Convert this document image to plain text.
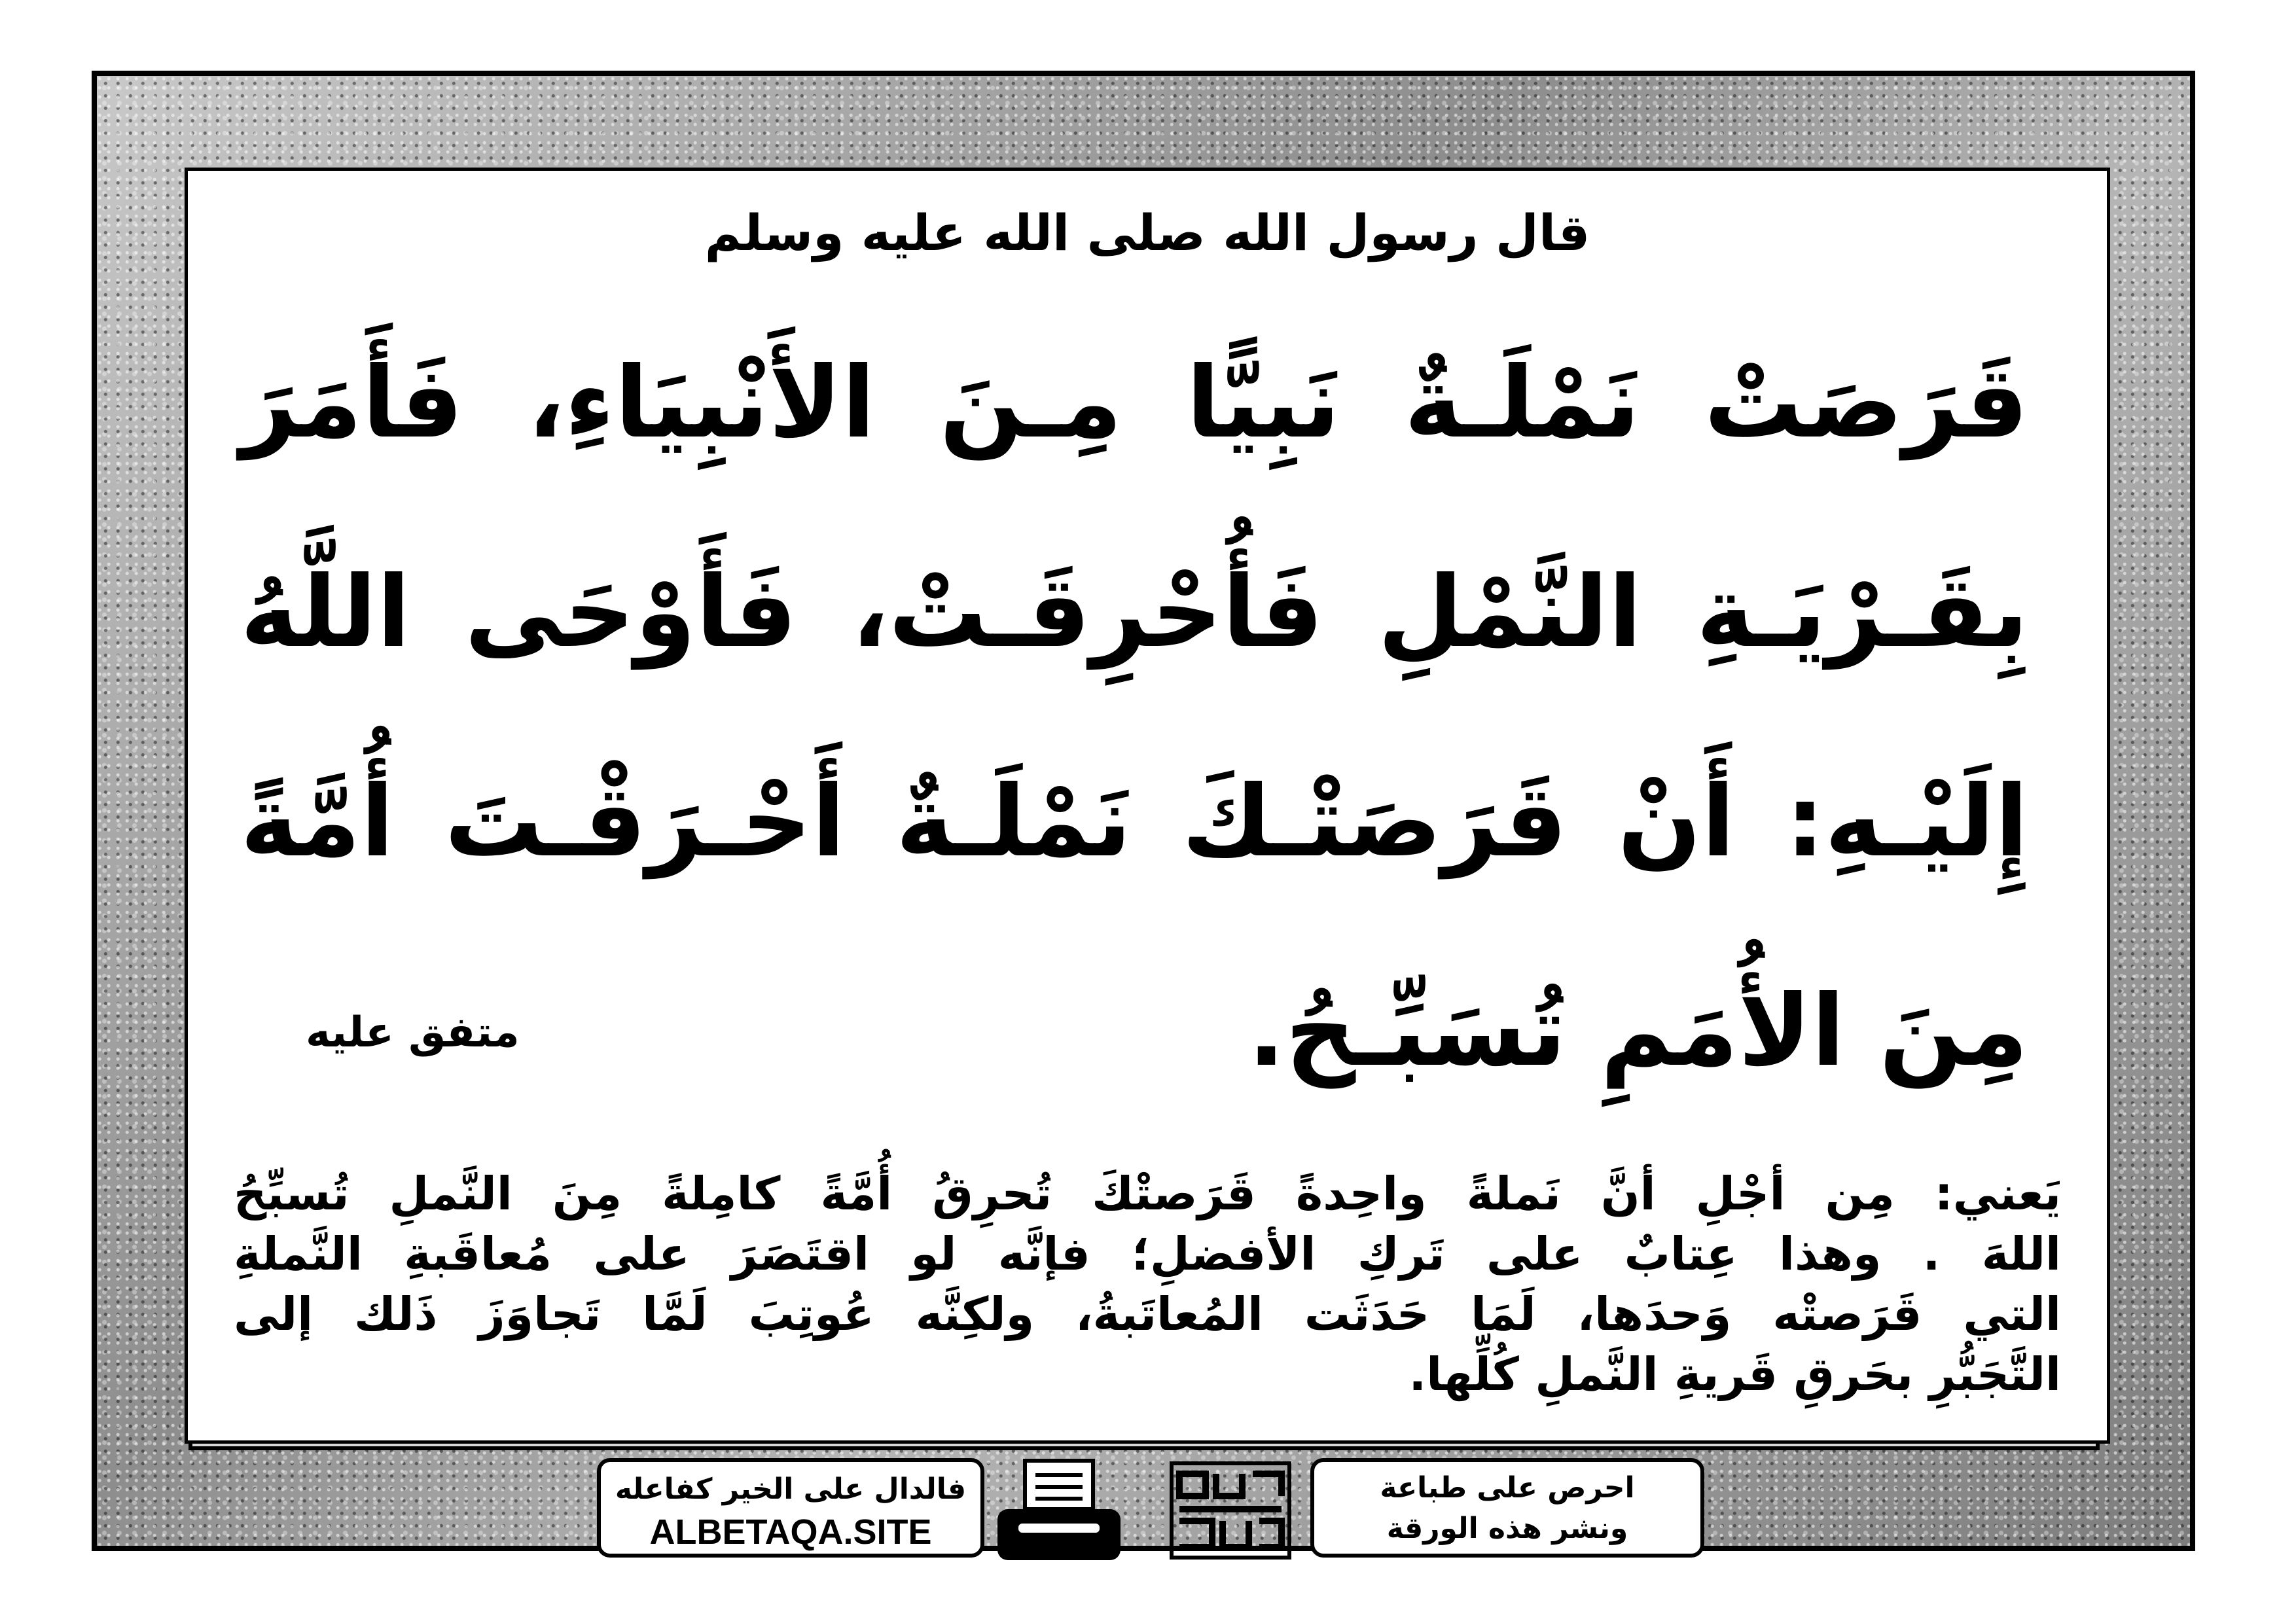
قال رسول الله صلى الله عليه وسلم
قَرَصَتْ نَمْلَـةٌ نَبِيًّا مِـنَ الأَنْبِيَاءِ، فَأَمَرَ
بِقَـرْيَـةِ النَّمْلِ فَأُحْرِقَـتْ، فَأَوْحَى اللَّهُ
إِلَيْـهِ: أَنْ قَرَصَتْـكَ نَمْلَـةٌ أَحْـرَقْـتَ أُمَّةً
مِنَ الأُمَمِ تُسَبِّـحُ.
متفق عليه
يَعني: مِن أجْلِ أنَّ نَملةً واحِدةً قَرَصتْكَ تُحرِقُ أُمَّةً كامِلةً مِنَ النَّملِ تُسبِّحُ
اللهَ . وهذا عِتابٌ على تَركِ الأفضلِ؛ فإنَّه لو اقتَصَرَ على مُعاقَبةِ النَّملةِ
التي قَرَصتْه وَحدَها، لَمَا حَدَثَت المُعاتَبةُ، ولكِنَّه عُوتِبَ لَمَّا تَجاوَزَ ذَلك إلى
التَّجَبُّرِ بحَرقِ قَريةِ النَّملِ كُلِّها.
فالدال على الخير كفاعله
ALBETAQA.SITE
احرص على طباعة
ونشر هذه الورقة
